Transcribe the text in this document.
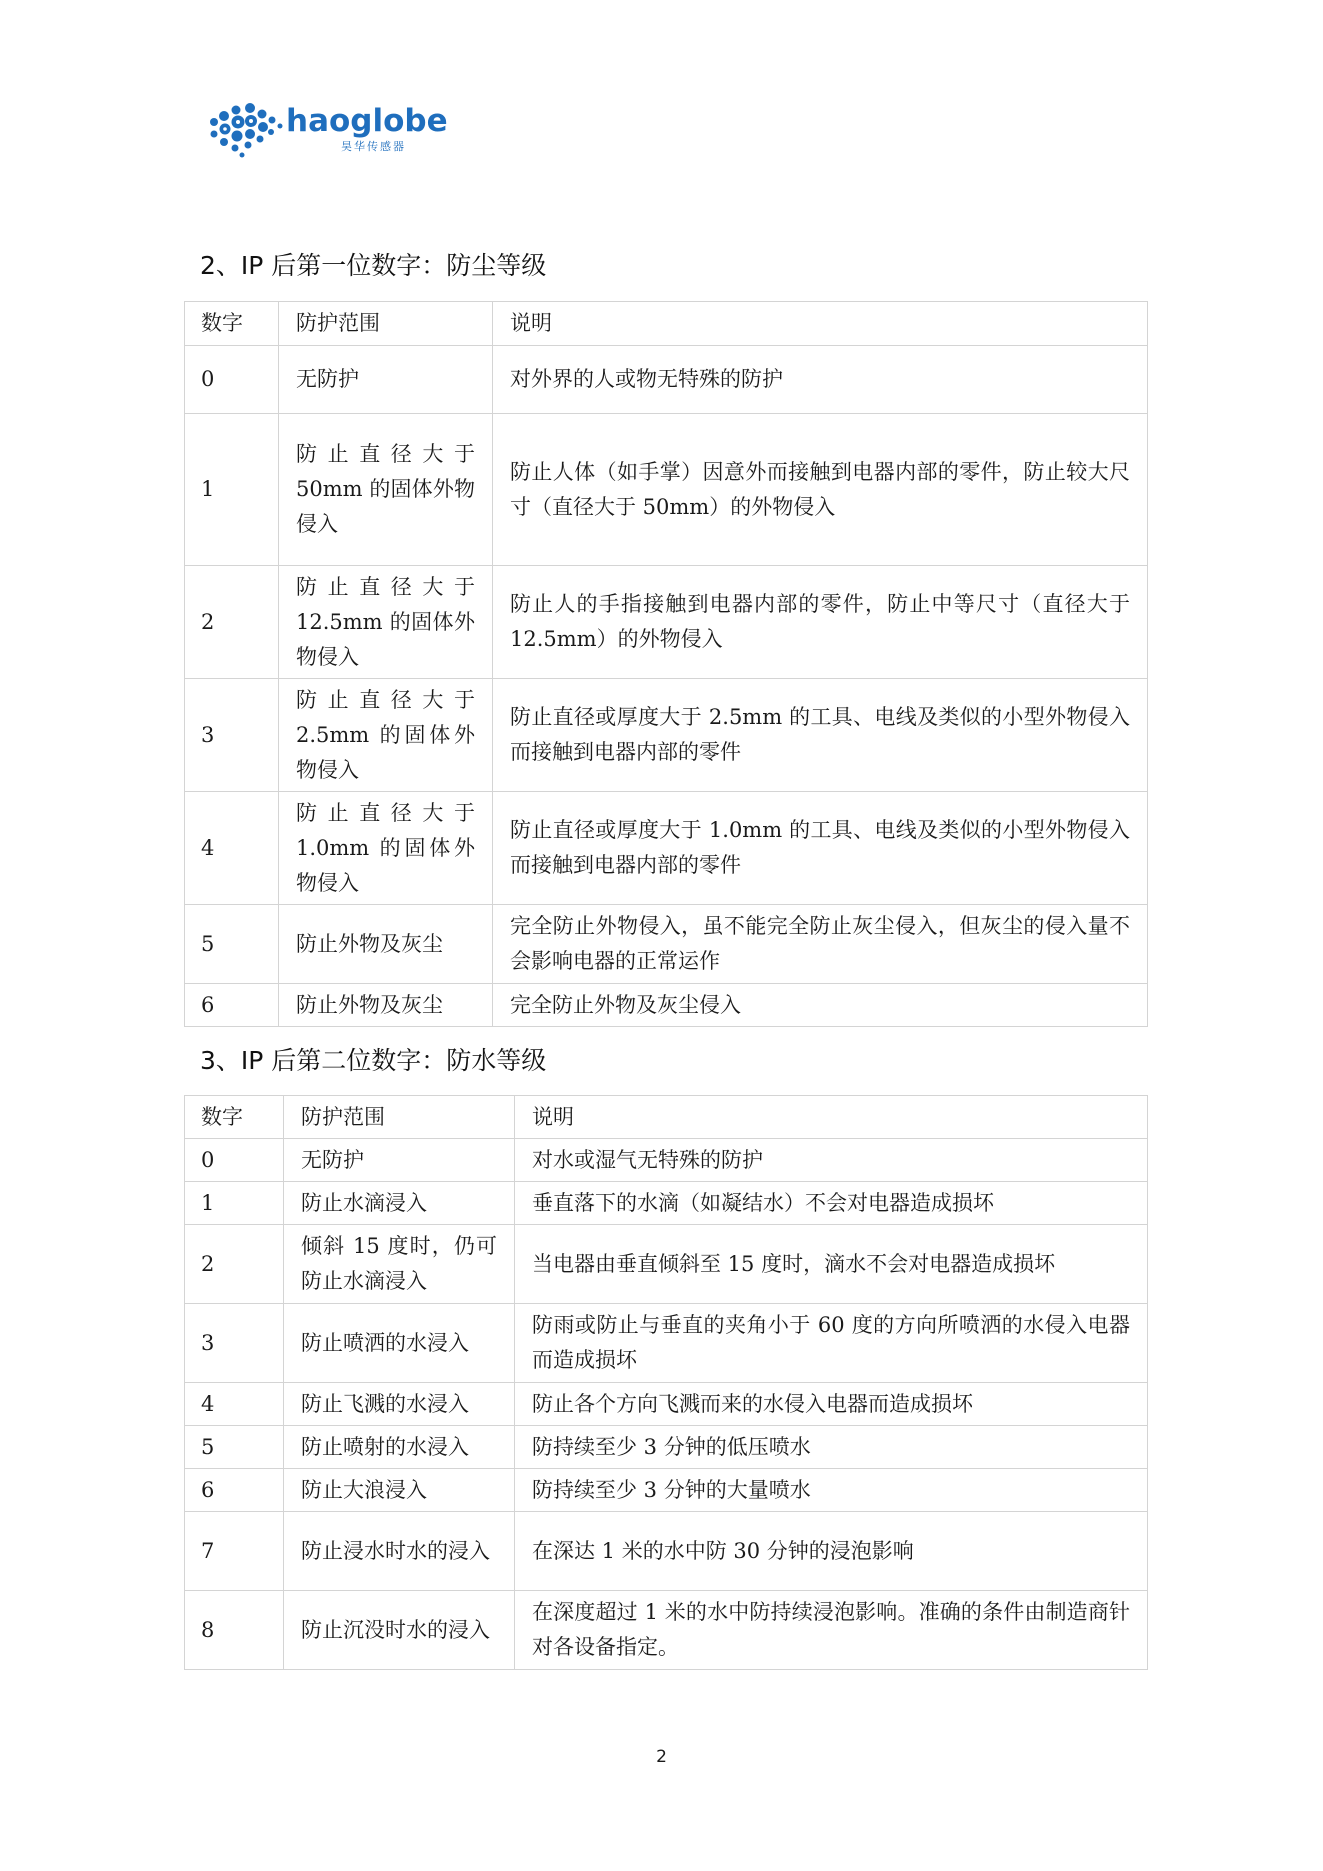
haoglobe
昊华传感器
2、IP 后第一位数字：防尘等级
数字	防护范围	说明
0	无防护	对外界的人或物无特殊的防护
1	防止直径大于50mm 的固体外物侵入	防止人体（如手掌）因意外而接触到电器内部的零件，防止较大尺寸（直径大于 50mm）的外物侵入
2	防止直径大于12.5mm 的固体外物侵入	防止人的手指接触到电器内部的零件，防止中等尺寸（直径大于 12.5mm）的外物侵入
3	防止直径大于2.5mm 的固体外物侵入	防止直径或厚度大于 2.5mm 的工具、电线及类似的小型外物侵入而接触到电器内部的零件
4	防止直径大于1.0mm 的固体外物侵入	防止直径或厚度大于 1.0mm 的工具、电线及类似的小型外物侵入而接触到电器内部的零件
5	防止外物及灰尘	完全防止外物侵入，虽不能完全防止灰尘侵入，但灰尘的侵入量不会影响电器的正常运作
6	防止外物及灰尘	完全防止外物及灰尘侵入
3、IP 后第二位数字：防水等级
数字	防护范围	说明
0	无防护	对水或湿气无特殊的防护
1	防止水滴浸入	垂直落下的水滴（如凝结水）不会对电器造成损坏
2	倾斜 15 度时，仍可防止水滴浸入	当电器由垂直倾斜至 15 度时，滴水不会对电器造成损坏
3	防止喷洒的水浸入	防雨或防止与垂直的夹角小于 60 度的方向所喷洒的水侵入电器而造成损坏
4	防止飞溅的水浸入	防止各个方向飞溅而来的水侵入电器而造成损坏
5	防止喷射的水浸入	防持续至少 3 分钟的低压喷水
6	防止大浪浸入	防持续至少 3 分钟的大量喷水
7	防止浸水时水的浸入	在深达 1 米的水中防 30 分钟的浸泡影响
8	防止沉没时水的浸入	在深度超过 1 米的水中防持续浸泡影响。准确的条件由制造商针对各设备指定。
2
